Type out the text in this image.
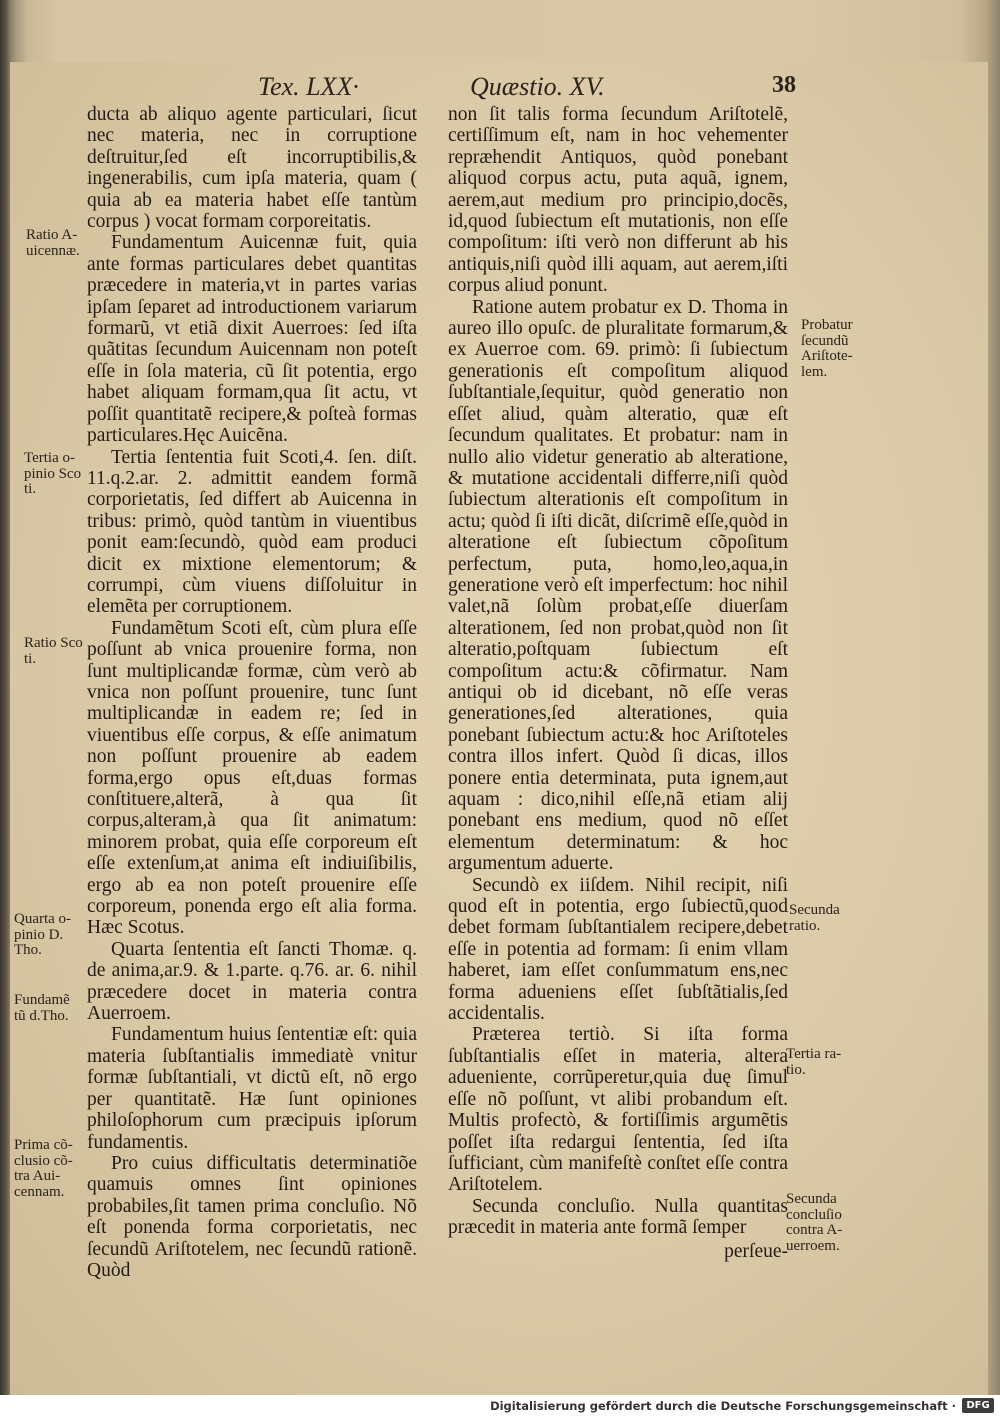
Tex. LXX·	Quæstio. XV.	38

ducta ab aliquo agente particulari, ſicut nec materia, nec in corruptione deſtruitur,ſed eſt incorruptibilis,& ingenerabilis, cum ipſa materia, quam ( quia ab ea materia habet eſſe tantùm corpus ) vocat formam corporeitatis.

Fundamentum Auicennæ fuit, quia ante formas particulares debet quantitas præcedere in materia,vt in partes varias ipſam ſeparet ad introductionem variarum formarũ, vt etiã dixit Auerroes: ſed iſta quãtitas ſecundum Auicennam non poteſt eſſe in ſola materia, cũ ſit potentia, ergo habet aliquam formam,qua ſit actu, vt poſſit quantitatẽ recipere,& poſteà formas particulares.Hęc Auicẽna.

Tertia ſententia fuit Scoti,4. ſen. diſt. 11.q.2.ar. 2. admittit eandem formã corporietatis, ſed differt ab Auicenna in tribus: primò, quòd tantùm in viuentibus ponit eam:ſecundò, quòd eam produci dicit ex mixtione elementorum; & corrumpi, cùm viuens diſſoluitur in elemẽta per corruptionem.

Fundamẽtum Scoti eſt, cùm plura eſſe poſſunt ab vnica prouenire forma, non ſunt multiplicandæ formæ, cùm verò ab vnica non poſſunt prouenire, tunc ſunt multiplicandæ in eadem re; ſed in viuentibus eſſe corpus, & eſſe animatum non poſſunt prouenire ab eadem forma,ergo opus eſt,duas formas conſtituere,alterã, à qua ſit corpus,alteram,à qua ſit animatum: minorem probat, quia eſſe corporeum eſt eſſe extenſum,at anima eſt indiuiſibilis, ergo ab ea non poteſt prouenire eſſe corporeum, ponenda ergo eſt alia forma. Hæc Scotus.

Quarta ſententia eſt ſancti Thomæ. q. de anima,ar.9. & 1.parte. q.76. ar. 6. nihil præcedere docet in materia contra Auerroem.

Fundamentum huius ſententiæ eſt: quia materia ſubſtantialis immediatè vnitur formæ ſubſtantiali, vt dictũ eſt, nõ ergo per quantitatẽ. Hæ ſunt opiniones philoſophorum cum præcipuis ipſorum fundamentis.

Pro cuius difficultatis determinatiõe quamuis omnes ſint opiniones probabiles,ſit tamen prima concluſio. Nõ eſt ponenda forma corporietatis, nec ſecundũ Ariſtotelem, nec ſecundũ rationẽ. Quòd

non ſit talis forma ſecundum Ariſtotelẽ, certiſſimum eſt, nam in hoc vehementer repræhendit Antiquos, quòd ponebant aliquod corpus actu, puta aquã, ignem, aerem,aut medium pro principio,docẽs, id,quod ſubiectum eſt mutationis, non eſſe compoſitum: iſti verò non differunt ab his antiquis,niſi quòd illi aquam, aut aerem,iſti corpus aliud ponunt.

Ratione autem probatur ex D. Thoma in aureo illo opuſc. de pluralitate formarum,& ex Auerroe com. 69. primò: ſi ſubiectum generationis eſt compoſitum aliquod ſubſtantiale,ſequitur, quòd generatio non eſſet aliud, quàm alteratio, quæ eſt ſecundum qualitates. Et probatur: nam in nullo alio videtur generatio ab alteratione, & mutatione accidentali differre,niſi quòd ſubiectum alterationis eſt compoſitum in actu; quòd ſi iſti dicãt, diſcrimẽ eſſe,quòd in alteratione eſt ſubiectum cõpoſitum perfectum, puta, homo,leo,aqua,in generatione verò eſt imperfectum: hoc nihil valet,nã ſolùm probat,eſſe diuerſam alterationem, ſed non probat,quòd non ſit alteratio,poſtquam ſubiectum eſt compoſitum actu:& cõfirmatur. Nam antiqui ob id dicebant, nõ eſſe veras generationes,ſed alterationes, quia ponebant ſubiectum actu:& hoc Ariſtoteles contra illos infert. Quòd ſi dicas, illos ponere entia determinata, puta ignem,aut aquam : dico,nihil eſſe,nã etiam alij ponebant ens medium, quod nõ eſſet elementum determinatum: & hoc argumentum aduerte.

Secundò ex iiſdem. Nihil recipit, niſi quod eſt in potentia, ergo ſubiectũ,quod debet formam ſubſtantialem recipere,debet eſſe in potentia ad formam: ſi enim vllam haberet, iam eſſet conſummatum ens,nec forma adueniens eſſet ſubſtãtialis,ſed accidentalis.

Præterea tertiò. Si iſta forma ſubſtantialis eſſet in materia, altera adueniente, corrũperetur,quia duę ſimul eſſe nõ poſſunt, vt alibi probandum eſt. Multis profectò, & fortiſſimis argumẽtis poſſet iſta redargui ſententia, ſed iſta ſufficiant, cùm manifeſtè conſtet eſſe contra Ariſtotelem.

Secunda concluſio. Nulla quantitas præcedit in materia ante formã ſemper

perſeue-

Ratio A-
uicennæ.
Tertia o-
pinio Sco
ti.
Ratio Sco
ti.
Quarta o-
pinio D.
Tho.
Fundamẽ
tũ d.Tho.
Prima cõ-
clusio cõ-
tra Aui-
cennam.
Probatur
ſecundũ
Ariſtote-
lem.
Secunda
ratio.
Tertia ra-
tio.
Secunda
concluſio
contra A-
uerroem.
Digitalisierung gefördert durch die Deutsche Forschungsgemeinschaft ·	DFG
